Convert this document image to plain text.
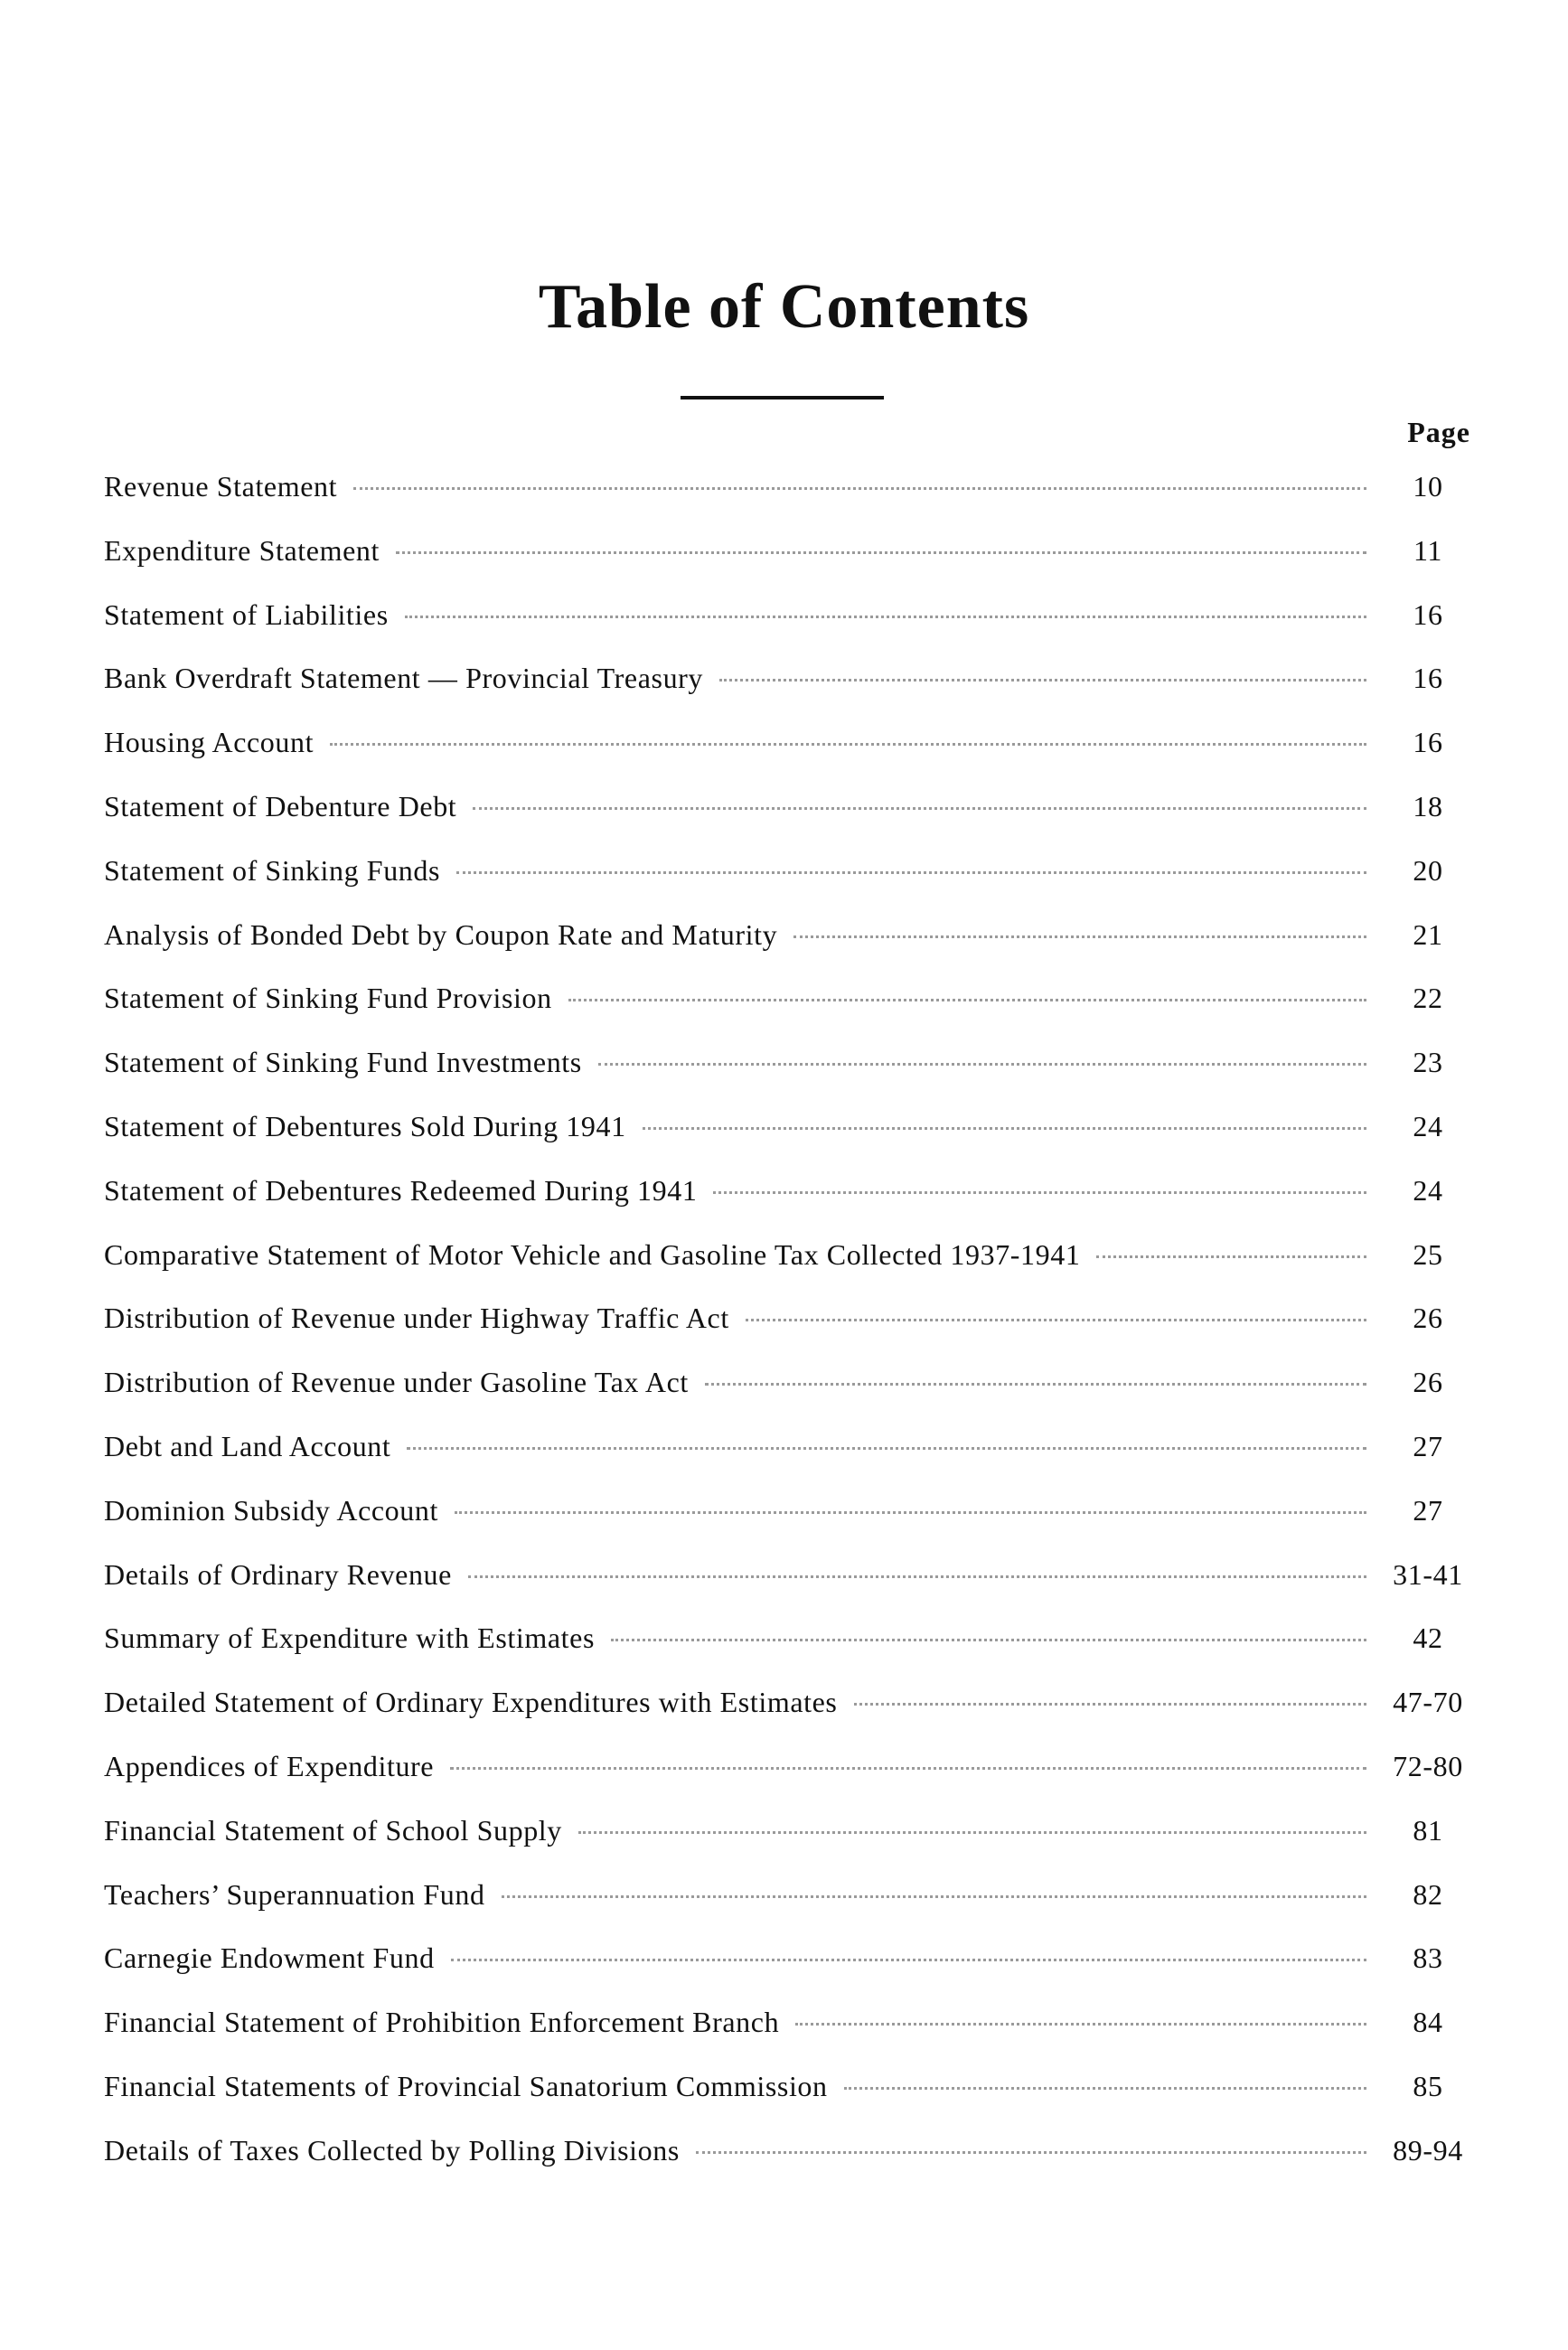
Table of Contents
Page
Revenue Statement	10
Expenditure Statement	11
Statement of Liabilities	16
Bank Overdraft Statement — Provincial Treasury	16
Housing Account	16
Statement of Debenture Debt	18
Statement of Sinking Funds	20
Analysis of Bonded Debt by Coupon Rate and Maturity	21
Statement of Sinking Fund Provision	22
Statement of Sinking Fund Investments	23
Statement of Debentures Sold During 1941	24
Statement of Debentures Redeemed During 1941	24
Comparative Statement of Motor Vehicle and Gasoline Tax Collected 1937-1941	25
Distribution of Revenue under Highway Traffic Act	26
Distribution of Revenue under Gasoline Tax Act	26
Debt and Land Account	27
Dominion Subsidy Account	27
Details of Ordinary Revenue	31-41
Summary of Expenditure with Estimates	42
Detailed Statement of Ordinary Expenditures with Estimates	47-70
Appendices of Expenditure	72-80
Financial Statement of School Supply	81
Teachers’ Superannuation Fund	82
Carnegie Endowment Fund	83
Financial Statement of Prohibition Enforcement Branch	84
Financial Statements of Provincial Sanatorium Commission	85
Details of Taxes Collected by Polling Divisions	89-94
